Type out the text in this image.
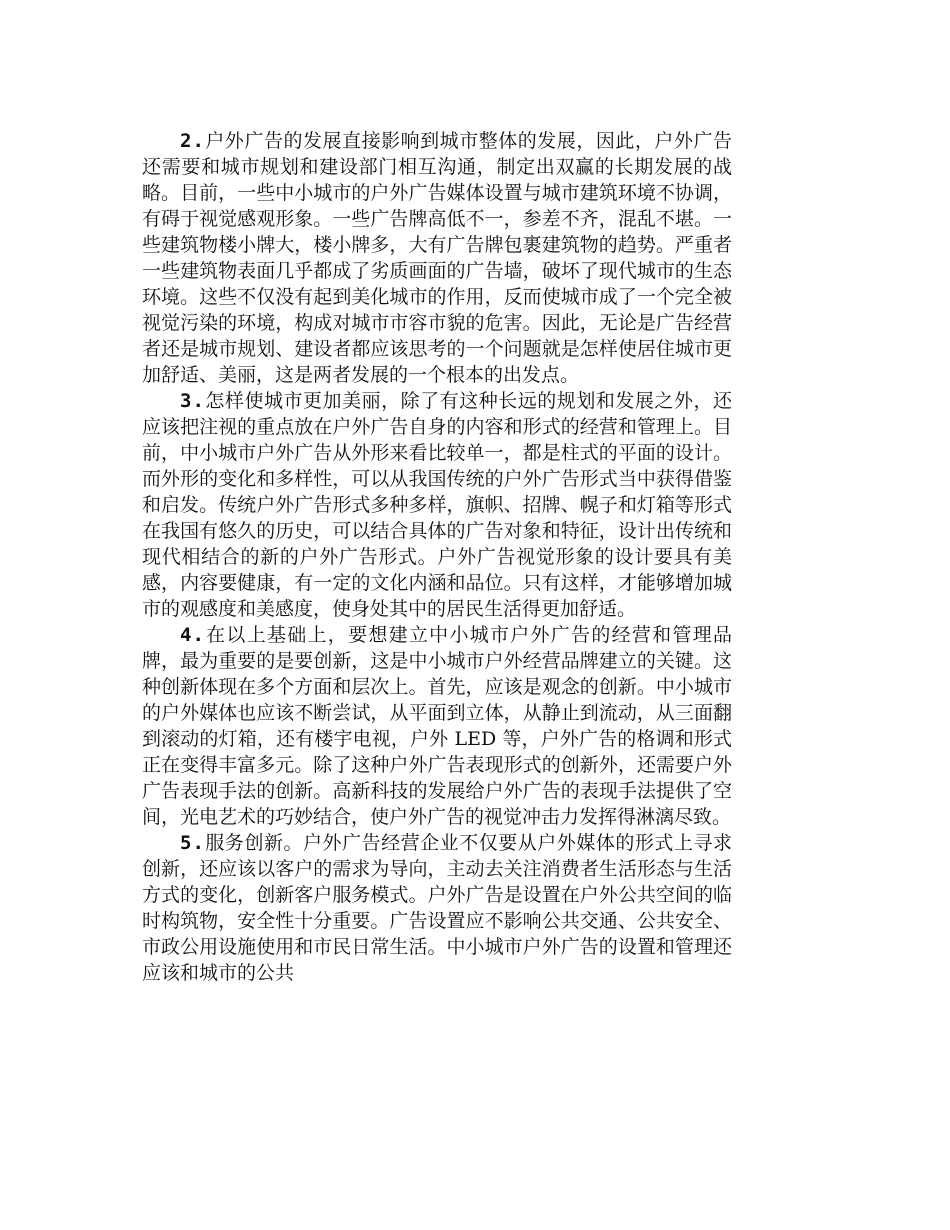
2.户外广告的发展直接影响到城市整体的发展，因此，户外广告还需要和城市规划和建设部门相互沟通，制定出双赢的长期发展的战略。目前，一些中小城市的户外广告媒体设置与城市建筑环境不协调，有碍于视觉感观形象。一些广告牌高低不一，参差不齐，混乱不堪。一些建筑物楼小牌大，楼小牌多，大有广告牌包裹建筑物的趋势。严重者一些建筑物表面几乎都成了劣质画面的广告墙，破坏了现代城市的生态环境。这些不仅没有起到美化城市的作用，反而使城市成了一个完全被视觉污染的环境，构成对城市市容市貌的危害。因此，无论是广告经营者还是城市规划、建设者都应该思考的一个问题就是怎样使居住城市更加舒适、美丽，这是两者发展的一个根本的出发点。

3.怎样使城市更加美丽，除了有这种长远的规划和发展之外，还应该把注视的重点放在户外广告自身的内容和形式的经营和管理上。目前，中小城市户外广告从外形来看比较单一，都是柱式的平面的设计。而外形的变化和多样性，可以从我国传统的户外广告形式当中获得借鉴和启发。传统户外广告形式多种多样，旗帜、招牌、幌子和灯箱等形式在我国有悠久的历史，可以结合具体的广告对象和特征，设计出传统和现代相结合的新的户外广告形式。户外广告视觉形象的设计要具有美感，内容要健康，有一定的文化内涵和品位。只有这样，才能够增加城市的观感度和美感度，使身处其中的居民生活得更加舒适。

4.在以上基础上，要想建立中小城市户外广告的经营和管理品牌，最为重要的是要创新，这是中小城市户外经营品牌建立的关键。这种创新体现在多个方面和层次上。首先，应该是观念的创新。中小城市的户外媒体也应该不断尝试，从平面到立体，从静止到流动，从三面翻到滚动的灯箱，还有楼宇电视，户外 LED 等，户外广告的格调和形式正在变得丰富多元。除了这种户外广告表现形式的创新外，还需要户外广告表现手法的创新。高新科技的发展给户外广告的表现手法提供了空间，光电艺术的巧妙结合，使户外广告的视觉冲击力发挥得淋漓尽致。

5.服务创新。户外广告经营企业不仅要从户外媒体的形式上寻求创新，还应该以客户的需求为导向，主动去关注消费者生活形态与生活方式的变化，创新客户服务模式。户外广告是设置在户外公共空间的临时构筑物，安全性十分重要。广告设置应不影响公共交通、公共安全、市政公用设施使用和市民日常生活。中小城市户外广告的设置和管理还应该和城市的公共
